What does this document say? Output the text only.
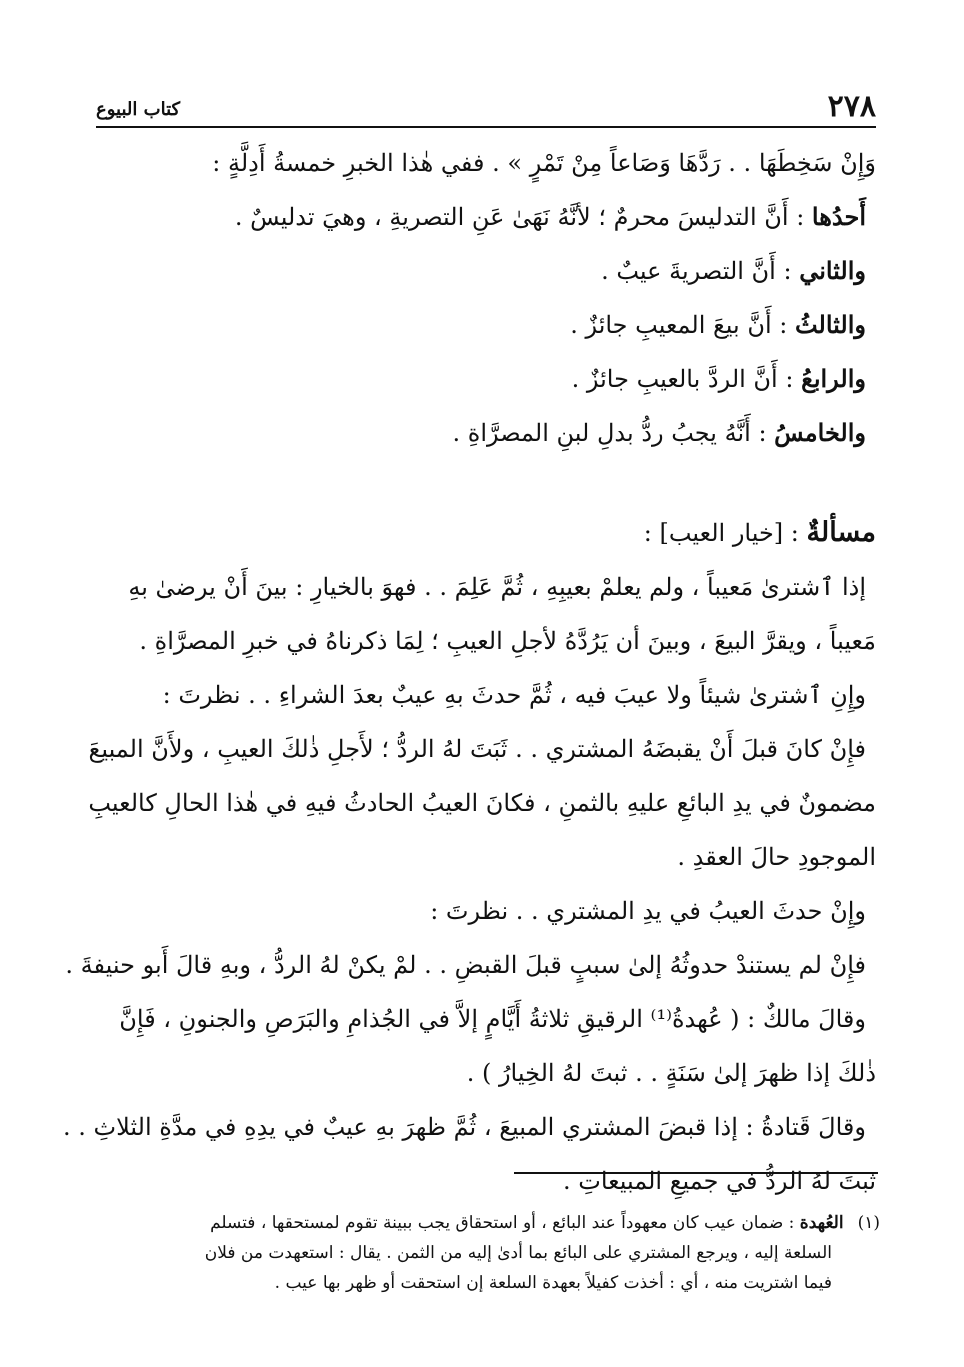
٢٧٨
كتاب البيوع
وَإِنْ سَخِطَهَا . . رَدَّهَا وَصَاعاً مِنْ تَمْرٍ » . ففي هٰذا الخبرِ خمسةُ أَدِلَّةٍ :
أَحدُها : أَنَّ التدليسَ محرمٌ ؛ لأنَّهُ نَهَىٰ عَنِ التصريةِ ، وهيَ تدليسٌ .
والثاني : أَنَّ التصريةَ عيبٌ .
والثالثُ : أَنَّ بيعَ المعيبِ جائزٌ .
والرابعُ : أَنَّ الردَّ بالعيبِ جائزٌ .
والخامسُ : أَنَّهُ يجبُ ردُّ بدلِ لبنِ المصرَّاةِ .
مسألةٌ : [خيار العيب] :
إذا ٱشترىٰ مَعيباً ، ولم يعلمْ بعيبِهِ ، ثُمَّ عَلِمَ . . فهوَ بالخيارِ : بينَ أَنْ يرضىٰ بهِ
مَعيباً ، ويقرَّ البيعَ ، وبينَ أن يَرُدَّهُ لأجلِ العيبِ ؛ لِمَا ذكرناهُ في خبرِ المصرَّاةِ .
وإِنِ ٱشترىٰ شيئاً ولا عيبَ فيه ، ثُمَّ حدثَ بهِ عيبٌ بعدَ الشراءِ . . نظرتَ :
فإِنْ كانَ قبلَ أَنْ يقبضَهُ المشتري . . ثَبَتَ لهُ الردُّ ؛ لأَجلِ ذٰلكَ العيبِ ، ولأَنَّ المبيعَ
مضمونٌ في يدِ البائعِ عليهِ بالثمنِ ، فكانَ العيبُ الحادثُ فيهِ في هٰذا الحالِ كالعيبِ
الموجودِ حالَ العقدِ .
وإِنْ حدثَ العيبُ في يدِ المشتري . . نظرتَ :
فإِنْ لم يستندْ حدوثُهُ إلىٰ سببٍ قبلَ القبضِ . . لمْ يكنْ لهُ الردُّ ، وبهِ قالَ أَبو حنيفةَ .
وقالَ مالكٌ : ( عُهدةُ⁽¹⁾ الرقيقِ ثلاثةُ أَيَّامٍ إلاَّ في الجُذامِ والبَرَصِ والجنونِ ، فَإِنَّ
ذٰلكَ إذا ظهرَ إلىٰ سَنَةٍ . . ثبتَ لهُ الخِيارُ ) .
وقالَ قَتادةُ : إذا قبضَ المشتري المبيعَ ، ثُمَّ ظهرَ بهِ عيبٌ في يدِهِ في مدَّةِ الثلاثِ . .
ثبتَ لهُ الردُّ في جميعِ المبيعاتِ .
(١)العُهدة : ضمان عيب كان معهوداً عند البائع ، أو استحقاق يجب ببينة تقوم لمستحقها ، فتسلم
السلعة إليه ، ويرجع المشتري على البائع بما أدىٰ إليه من الثمن . يقال : استعهدت من فلان
فيما اشتريت منه ، أي : أخذت كفيلاً بعهدة السلعة إن استحقت أو ظهر بها عيب .
